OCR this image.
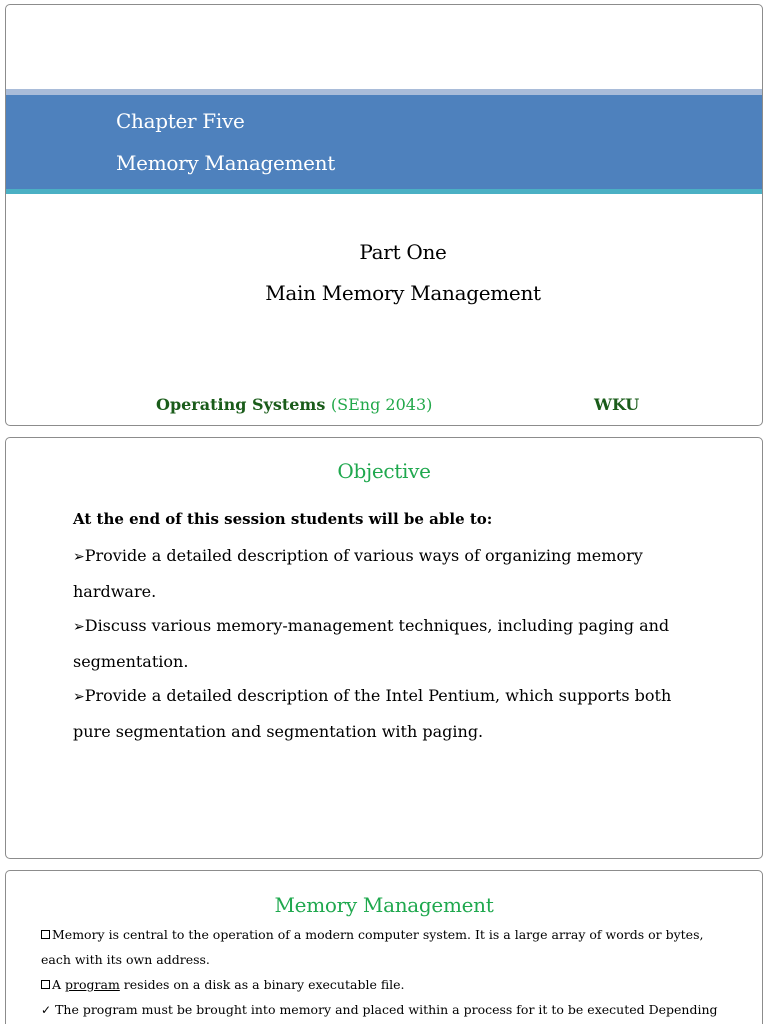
Chapter Five
Memory Management
Part One
Main Memory Management
Operating Systems (SEng 2043)	WKU
Objective
At the end of this session students will be able to:
➢Provide a detailed description of various ways of organizing memory hardware.
➢Discuss various memory-management techniques, including paging and segmentation.
➢Provide a detailed description of the Intel Pentium, which supports both pure segmentation and segmentation with paging.
Memory Management
Memory is central to the operation of a modern computer system. It is a large array of words or bytes, each with its own address.
A program resides on a disk as a binary executable file.
✓ The program must be brought into memory and placed within a process for it to be executed Depending
